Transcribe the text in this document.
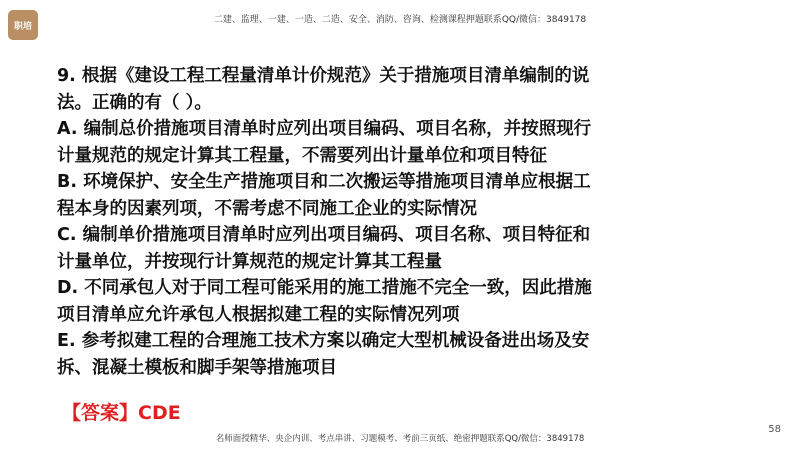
职培
二建、监理、一建、一造、二造、安全、消防、咨询、检测课程押题联系QQ/微信：3849178
9. 根据《建设工程工程量清单计价规范》关于措施项目清单编制的说
法。正确的有（ ）。
A. 编制总价措施项目清单时应列出项目编码、项目名称，并按照现行
计量规范的规定计算其工程量，不需要列出计量单位和项目特征
B. 环境保护、安全生产措施项目和二次搬运等措施项目清单应根据工
程本身的因素列项，不需考虑不同施工企业的实际情况
C. 编制单价措施项目清单时应列出项目编码、项目名称、项目特征和
计量单位，并按现行计算规范的规定计算其工程量
D. 不同承包人对于同工程可能采用的施工措施不完全一致，因此措施
项目清单应允许承包人根据拟建工程的实际情况列项
E. 参考拟建工程的合理施工技术方案以确定大型机械设备进出场及安
拆、混凝土模板和脚手架等措施项目
【答案】CDE
58
名师面授精华、央企内训、考点串讲、习题模考、考前三页纸、绝密押题联系QQ/微信：3849178
